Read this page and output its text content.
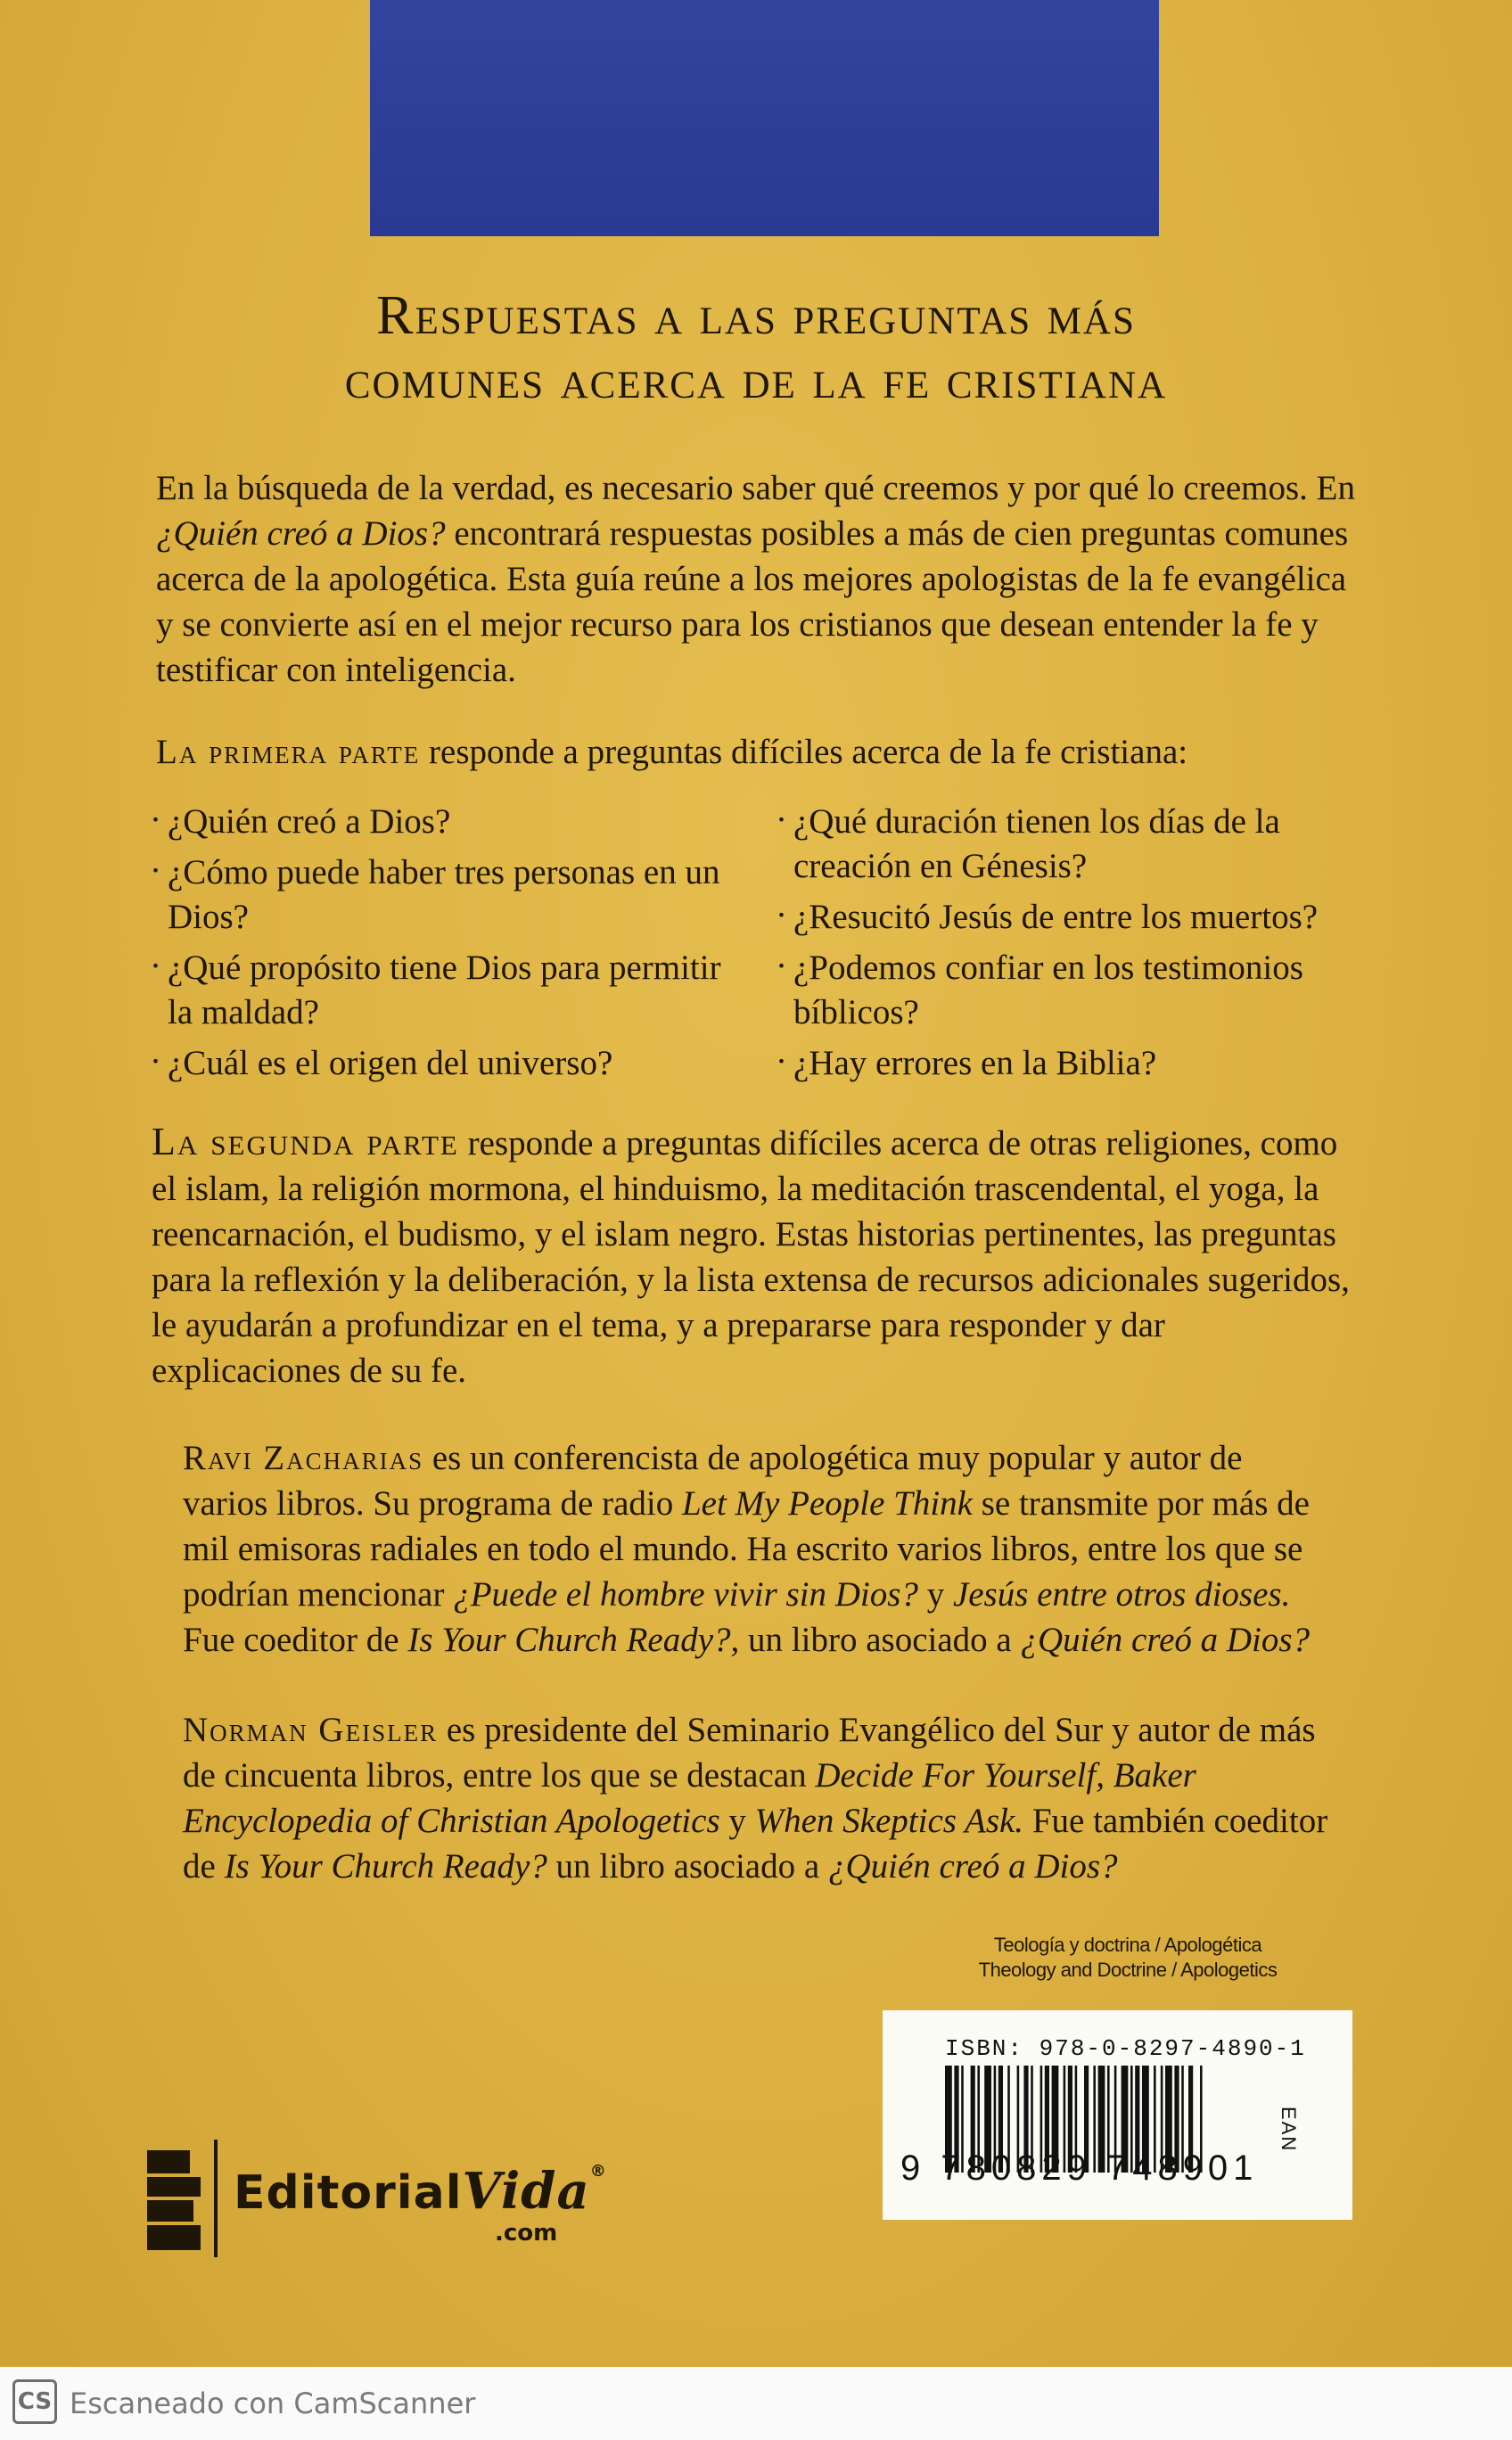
Respuestas a las preguntas más
comunes acerca de la fe cristiana

En la búsqueda de la verdad, es necesario saber qué creemos y por qué lo creemos. En ¿Quién creó a Dios? encontrará respuestas posibles a más de cien preguntas comunes acerca de la apologética. Esta guía reúne a los mejores apologistas de la fe evangélica y se convierte así en el mejor recurso para los cristianos que desean entender la fe y testificar con inteligencia.

La primera parte responde a preguntas difíciles acerca de la fe cristiana:

· ¿Quién creó a Dios?
· ¿Cómo puede haber tres personas en un Dios?
· ¿Qué propósito tiene Dios para permitir la maldad?
· ¿Cuál es el origen del universo?
· ¿Qué duración tienen los días de la creación en Génesis?
· ¿Resucitó Jesús de entre los muertos?
· ¿Podemos confiar en los testimonios bíblicos?
· ¿Hay errores en la Biblia?

La segunda parte responde a preguntas difíciles acerca de otras religiones, como el islam, la religión mormona, el hinduismo, la meditación trascendental, el yoga, la reencarnación, el budismo, y el islam negro. Estas historias pertinentes, las preguntas para la reflexión y la deliberación, y la lista extensa de recursos adicionales sugeridos, le ayudarán a profundizar en el tema, y a prepararse para responder y dar explicaciones de su fe.

Ravi Zacharias es un conferencista de apologética muy popular y autor de varios libros. Su programa de radio Let My People Think se transmite por más de mil emisoras radiales en todo el mundo. Ha escrito varios libros, entre los que se podrían mencionar ¿Puede el hombre vivir sin Dios? y Jesús entre otros dioses. Fue coeditor de Is Your Church Ready?, un libro asociado a ¿Quién creó a Dios?

Norman Geisler es presidente del Seminario Evangélico del Sur y autor de más de cincuenta libros, entre los que se destacan Decide For Yourself, Baker Encyclopedia of Christian Apologetics y When Skeptics Ask. Fue también coeditor de Is Your Church Ready? un libro asociado a ¿Quién creó a Dios?

Teología y doctrina / Apologética
Theology and Doctrine / Apologetics
ISBN: 978-0-8297-4890-1
9 780829 748901
EAN
EditorialVida®
.com
CS Escaneado con CamScanner
